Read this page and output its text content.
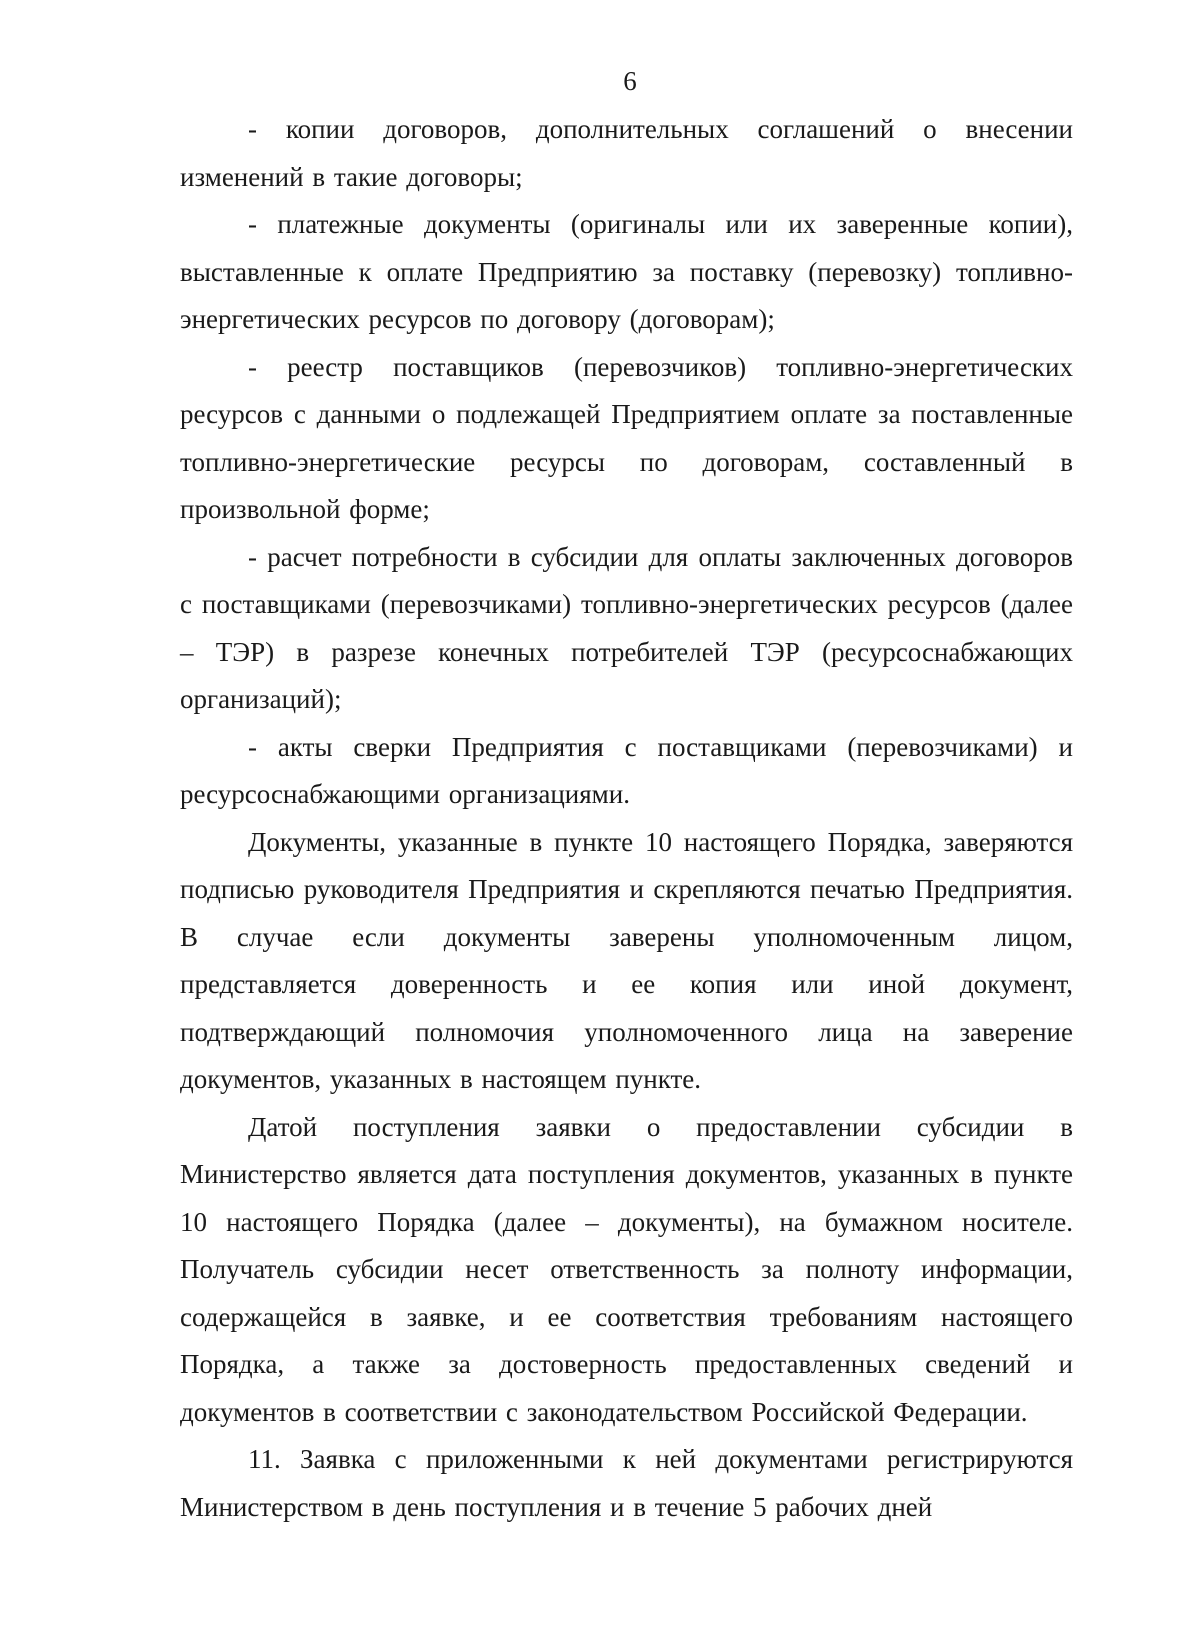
6

- копии договоров, дополнительных соглашений о внесении изменений в такие договоры;

- платежные документы (оригиналы или их заверенные копии), выставленные к оплате Предприятию за поставку (перевозку) топливно-энергетических ресурсов по договору (договорам);

- реестр поставщиков (перевозчиков) топливно-энергетических ресурсов с данными о подлежащей Предприятием оплате за поставленные топливно-энергетические ресурсы по договорам, составленный в произвольной форме;

- расчет потребности в субсидии для оплаты заключенных договоров с поставщиками (перевозчиками) топливно-энергетических ресурсов (далее – ТЭР) в разрезе конечных потребителей ТЭР (ресурсоснабжающих организаций);

- акты сверки Предприятия с поставщиками (перевозчиками) и ресурсоснабжающими организациями.

Документы, указанные в пункте 10 настоящего Порядка, заверяются подписью руководителя Предприятия и скрепляются печатью Предприятия. В случае если документы заверены уполномоченным лицом, представляется доверенность и ее копия или иной документ, подтверждающий полномочия уполномоченного лица на заверение документов, указанных в настоящем пункте.

Датой поступления заявки о предоставлении субсидии в Министерство является дата поступления документов, указанных в пункте 10 настоящего Порядка (далее – документы), на бумажном носителе. Получатель субсидии несет ответственность за полноту информации, содержащейся в заявке, и ее соответствия требованиям настоящего Порядка, а также за достоверность предоставленных сведений и документов в соответствии с законодательством Российской Федерации.

11. Заявка с приложенными к ней документами регистрируются Министерством в день поступления и в течение 5 рабочих дней
